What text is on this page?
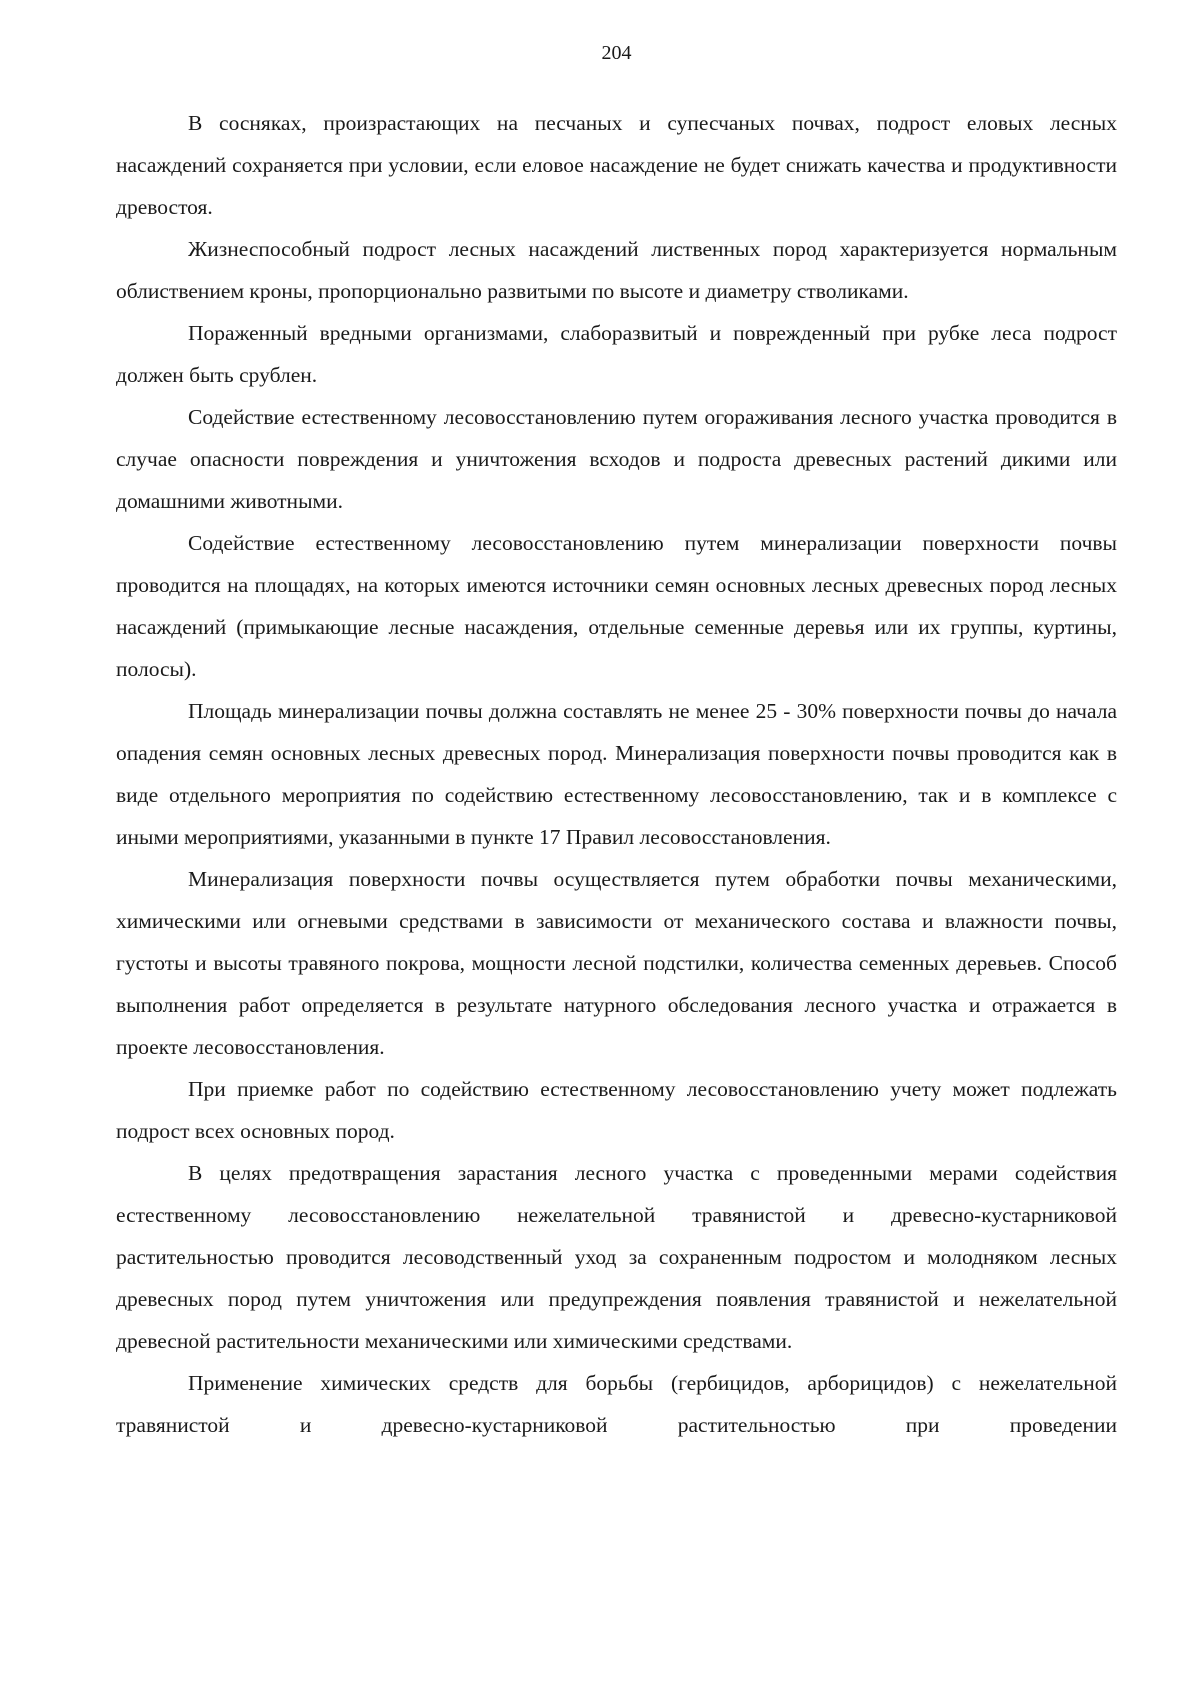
204

В сосняках, произрастающих на песчаных и супесчаных почвах, подрост еловых лесных насаждений сохраняется при условии, если еловое насаждение не будет снижать качества и продуктивности древостоя.

Жизнеспособный подрост лесных насаждений лиственных пород характеризуется нормальным облиствением кроны, пропорционально развитыми по высоте и диаметру стволиками.

Пораженный вредными организмами, слаборазвитый и поврежденный при рубке леса подрост должен быть срублен.

Содействие естественному лесовосстановлению путем огораживания лесного участка проводится в случае опасности повреждения и уничтожения всходов и подроста древесных растений дикими или домашними животными.

Содействие естественному лесовосстановлению путем минерализации поверхности почвы проводится на площадях, на которых имеются источники семян основных лесных древесных пород лесных насаждений (примыкающие лесные насаждения, отдельные семенные деревья или их группы, куртины, полосы).

Площадь минерализации почвы должна составлять не менее 25 - 30% поверхности почвы до начала опадения семян основных лесных древесных пород. Минерализация поверхности почвы проводится как в виде отдельного мероприятия по содействию естественному лесовосстановлению, так и в комплексе с иными мероприятиями, указанными в пункте 17 Правил лесовосстановления.

Минерализация поверхности почвы осуществляется путем обработки почвы механическими, химическими или огневыми средствами в зависимости от механического состава и влажности почвы, густоты и высоты травяного покрова, мощности лесной подстилки, количества семенных деревьев. Способ выполнения работ определяется в результате натурного обследования лесного участка и отражается в проекте лесовосстановления.

При приемке работ по содействию естественному лесовосстановлению учету может подлежать подрост всех основных пород.

В целях предотвращения зарастания лесного участка с проведенными мерами содействия естественному лесовосстановлению нежелательной травянистой и древесно-кустарниковой растительностью проводится лесоводственный уход за сохраненным подростом и молодняком лесных древесных пород путем уничтожения или предупреждения появления травянистой и нежелательной древесной растительности механическими или химическими средствами.

Применение химических средств для борьбы (гербицидов, арборицидов) с нежелательной травянистой и древесно-кустарниковой растительностью при проведении
